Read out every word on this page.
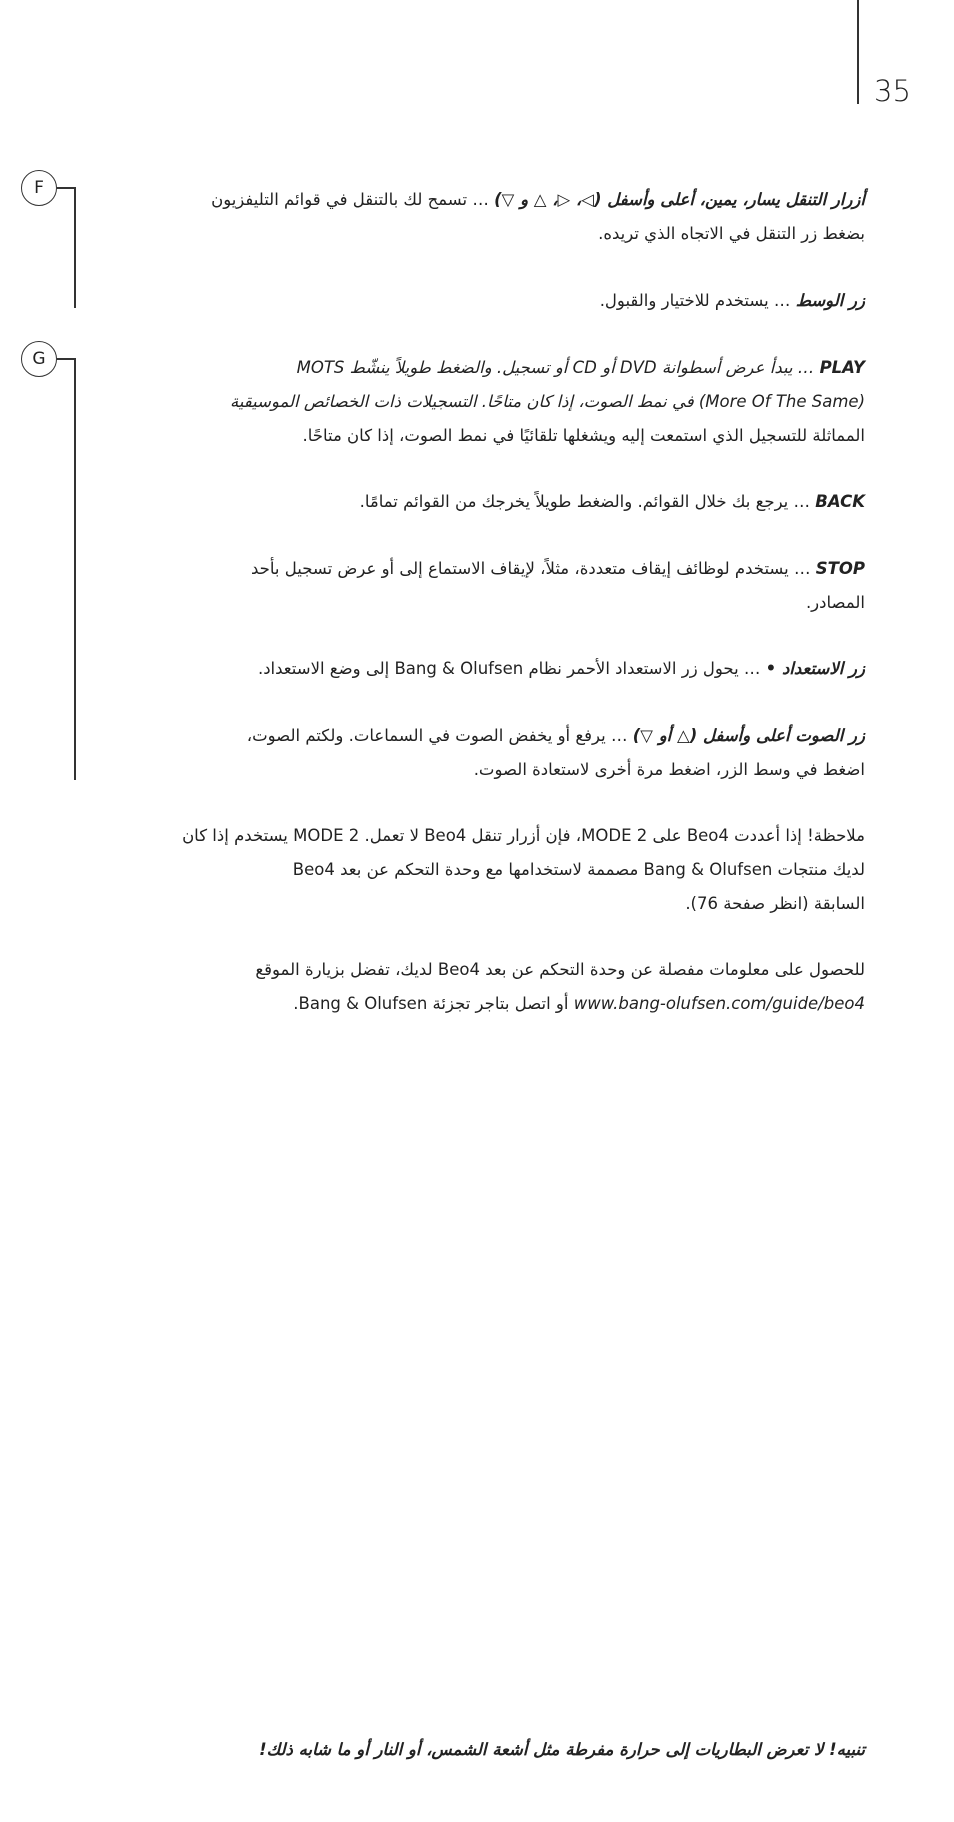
35
F
G
أزرار التنقل يسار، يمين، أعلى وأسفل (◁، ▷، △ و ▽) … تسمح لك بالتنقل في قوائم التليفزيون
بضغط زر التنقل في الاتجاه الذي تريده.
زر الوسط … يستخدم للاختيار والقبول.
PLAY … يبدأ عرض أسطوانة DVD أو CD أو تسجيل. والضغط طويلاً ينشّط MOTS
(More Of The Same) في نمط الصوت، إذا كان متاحًا. التسجيلات ذات الخصائص الموسيقية
المماثلة للتسجيل الذي استمعت إليه ويشغلها تلقائيًا في نمط الصوت، إذا كان متاحًا.
BACK … يرجع بك خلال القوائم. والضغط طويلاً يخرجك من القوائم تمامًا.
STOP … يستخدم لوظائف إيقاف متعددة، مثلاً، لإيقاف الاستماع إلى أو عرض تسجيل بأحد
المصادر.
زر الاستعداد • … يحول زر الاستعداد الأحمر نظام Bang & Olufsen إلى وضع الاستعداد.
زر الصوت أعلى وأسفل (△ أو ▽) … يرفع أو يخفض الصوت في السماعات. ولكتم الصوت،
اضغط في وسط الزر، اضغط مرة أخرى لاستعادة الصوت.
ملاحظة! إذا أعددت Beo4 على MODE 2، فإن أزرار تنقل Beo4 لا تعمل. MODE 2 يستخدم إذا كان
لديك منتجات Bang & Olufsen مصممة لاستخدامها مع وحدة التحكم عن بعد Beo4
السابقة (انظر صفحة 76).
للحصول على معلومات مفصلة عن وحدة التحكم عن بعد Beo4 لديك، تفضل بزيارة الموقع
www.bang-olufsen.com/guide/beo4 أو اتصل بتاجر تجزئة Bang & Olufsen.
تنبيه! لا تعرض البطاريات إلى حرارة مفرطة مثل أشعة الشمس، أو النار أو ما شابه ذلك!
